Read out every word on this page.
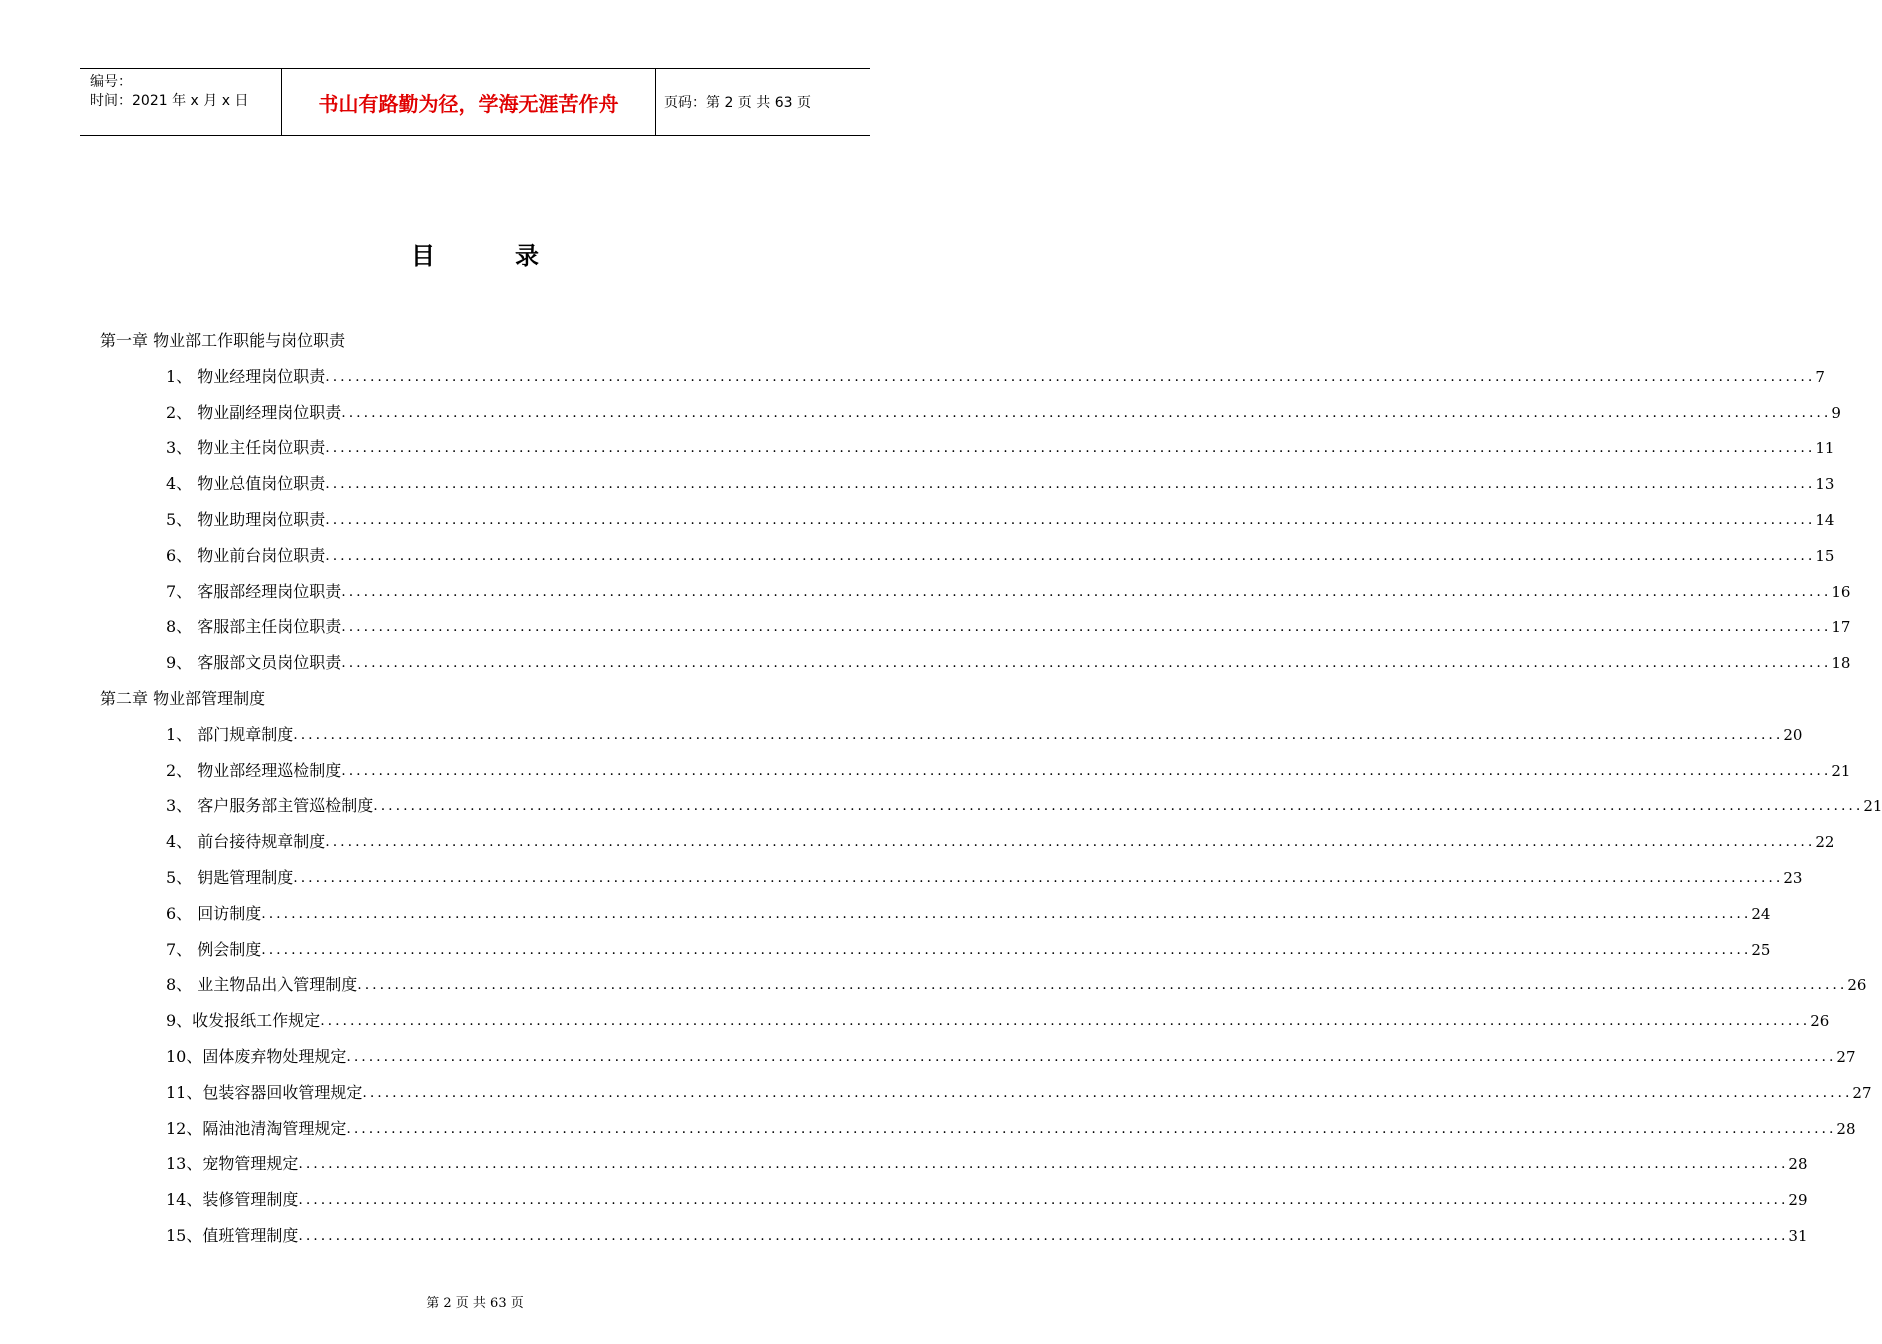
编号：
时间：2021 年 x 月 x 日	书山有路勤为径，学海无涯苦作舟	页码：第 2 页 共 63 页
目录
第一章 物业部工作职能与岗位职责
1、 物业经理岗位职责 ........................................................................................................................................................................................................ 7
2、 物业副经理岗位职责 ........................................................................................................................................................................................................ 9
3、 物业主任岗位职责 ........................................................................................................................................................................................................ 11
4、 物业总值岗位职责 ........................................................................................................................................................................................................ 13
5、 物业助理岗位职责 ........................................................................................................................................................................................................ 14
6、 物业前台岗位职责 ........................................................................................................................................................................................................ 15
7、 客服部经理岗位职责 ........................................................................................................................................................................................................ 16
8、 客服部主任岗位职责 ........................................................................................................................................................................................................ 17
9、 客服部文员岗位职责 ........................................................................................................................................................................................................ 18
第二章 物业部管理制度
1、 部门规章制度 ........................................................................................................................................................................................................ 20
2、 物业部经理巡检制度 ........................................................................................................................................................................................................ 21
3、 客户服务部主管巡检制度 ........................................................................................................................................................................................................ 21
4、 前台接待规章制度 ........................................................................................................................................................................................................ 22
5、 钥匙管理制度 ........................................................................................................................................................................................................ 23
6、 回访制度 ........................................................................................................................................................................................................ 24
7、 例会制度 ........................................................................................................................................................................................................ 25
8、 业主物品出入管理制度 ........................................................................................................................................................................................................ 26
9、收发报纸工作规定 ........................................................................................................................................................................................................ 26
10、固体废弃物处理规定 ........................................................................................................................................................................................................ 27
11、包装容器回收管理规定 ........................................................................................................................................................................................................ 27
12、隔油池清淘管理规定 ........................................................................................................................................................................................................ 28
13、宠物管理规定 ........................................................................................................................................................................................................ 28
14、装修管理制度 ........................................................................................................................................................................................................ 29
15、值班管理制度 ........................................................................................................................................................................................................ 31
第 2 页 共 63 页
